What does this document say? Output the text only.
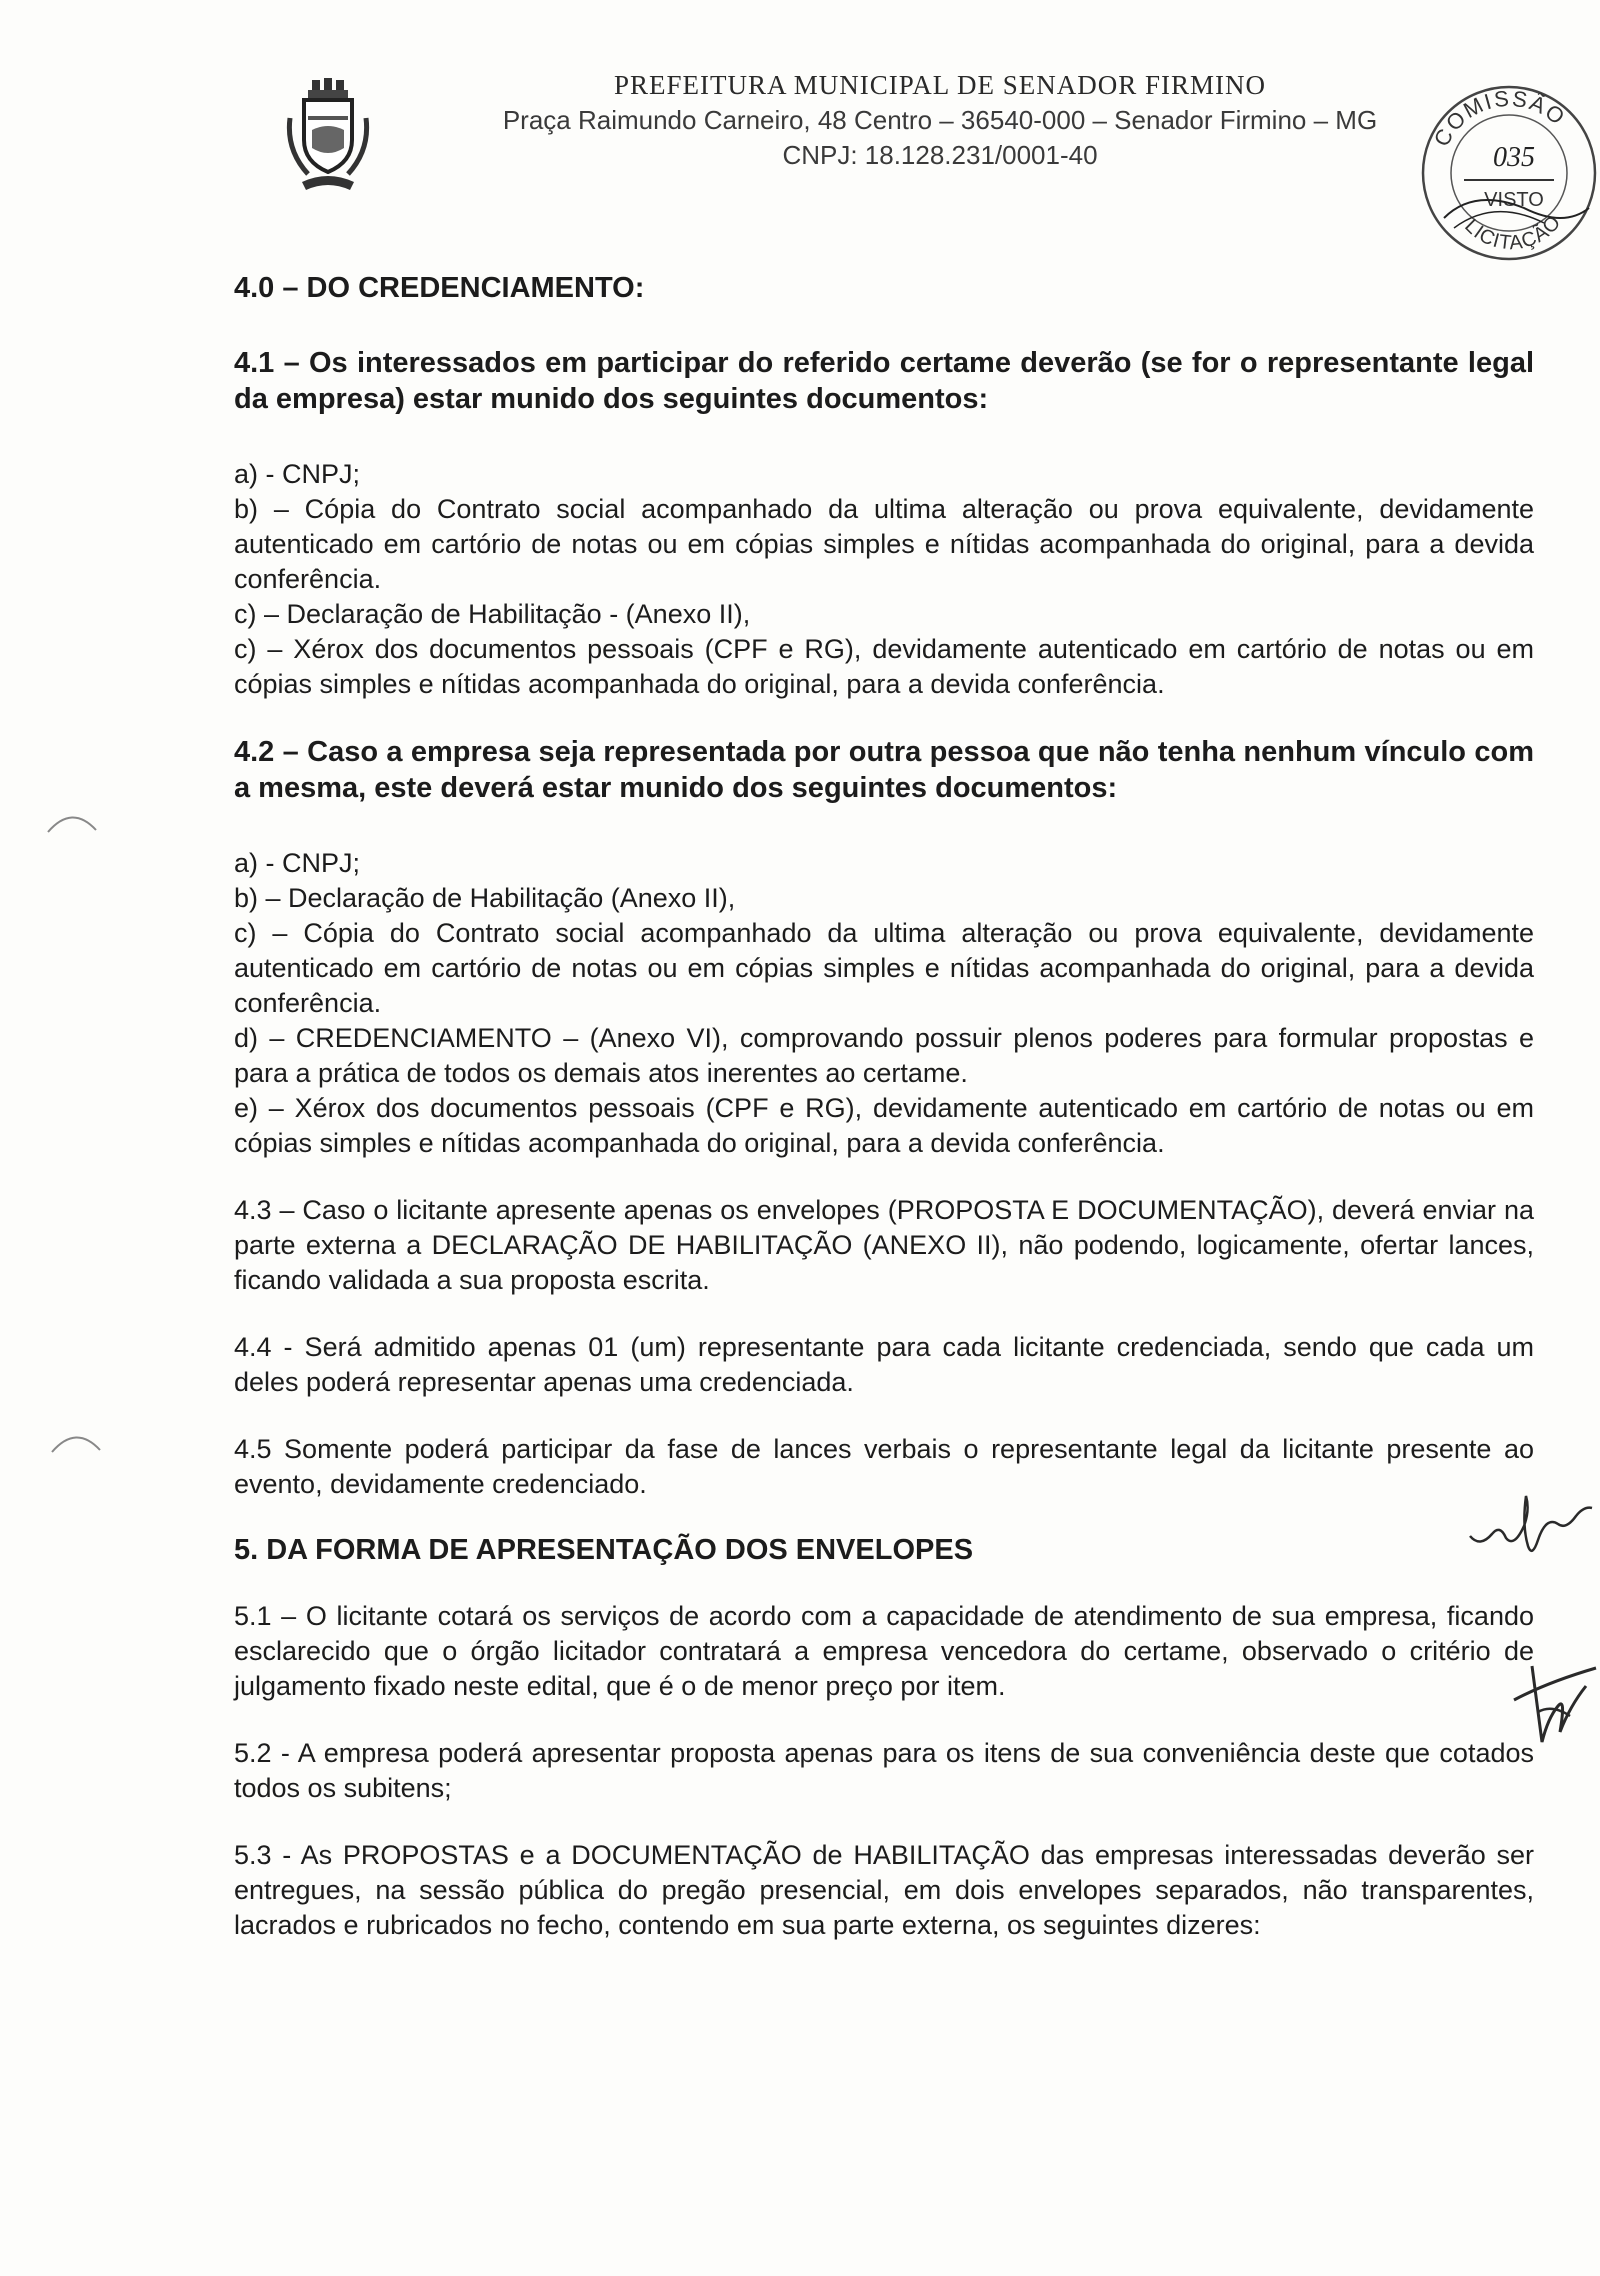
PREFEITURA MUNICIPAL DE SENADOR FIRMINO
Praça Raimundo Carneiro, 48 Centro – 36540-000 – Senador Firmino – MG
CNPJ: 18.128.231/0001-40
COMISSÃO
035
VISTO
LICITAÇÃO

4.0 – DO CREDENCIAMENTO:

4.1 – Os interessados em participar do referido certame deverão (se for o representante legal da empresa) estar munido dos seguintes documentos:

a) - CNPJ;

b) – Cópia do Contrato social acompanhado da ultima alteração ou prova equivalente, devidamente autenticado em cartório de notas ou em cópias simples e nítidas acompanhada do original, para a devida conferência.

c) – Declaração de Habilitação - (Anexo II),

c) – Xérox dos documentos pessoais (CPF e RG), devidamente autenticado em cartório de notas ou em cópias simples e nítidas acompanhada do original, para a devida conferência.

4.2 – Caso a empresa seja representada por outra pessoa que não tenha nenhum vínculo com a mesma, este deverá estar munido dos seguintes documentos:

a) - CNPJ;

b) – Declaração de Habilitação (Anexo II),

c) – Cópia do Contrato social acompanhado da ultima alteração ou prova equivalente, devidamente autenticado em cartório de notas ou em cópias simples e nítidas acompanhada do original, para a devida conferência.

d) – CREDENCIAMENTO – (Anexo VI), comprovando possuir plenos poderes para formular propostas e para a prática de todos os demais atos inerentes ao certame.

e) – Xérox dos documentos pessoais (CPF e RG), devidamente autenticado em cartório de notas ou em cópias simples e nítidas acompanhada do original, para a devida conferência.

4.3 – Caso o licitante apresente apenas os envelopes (PROPOSTA E DOCUMENTAÇÃO), deverá enviar na parte externa a DECLARAÇÃO DE HABILITAÇÃO (ANEXO II), não podendo, logicamente, ofertar lances, ficando validada a sua proposta escrita.

4.4 - Será admitido apenas 01 (um) representante para cada licitante credenciada, sendo que cada um deles poderá representar apenas uma credenciada.

4.5 Somente poderá participar da fase de lances verbais o representante legal da licitante presente ao evento, devidamente credenciado.

5. DA FORMA DE APRESENTAÇÃO DOS ENVELOPES

5.1 – O licitante cotará os serviços de acordo com a capacidade de atendimento de sua empresa, ficando esclarecido que o órgão licitador contratará a empresa vencedora do certame, observado o critério de julgamento fixado neste edital, que é o de menor preço por item.

5.2 - A empresa poderá apresentar proposta apenas para os itens de sua conveniência deste que cotados todos os subitens;

5.3 - As PROPOSTAS e a DOCUMENTAÇÃO de HABILITAÇÃO das empresas interessadas deverão ser entregues, na sessão pública do pregão presencial, em dois envelopes separados, não transparentes, lacrados e rubricados no fecho, contendo em sua parte externa, os seguintes dizeres:
